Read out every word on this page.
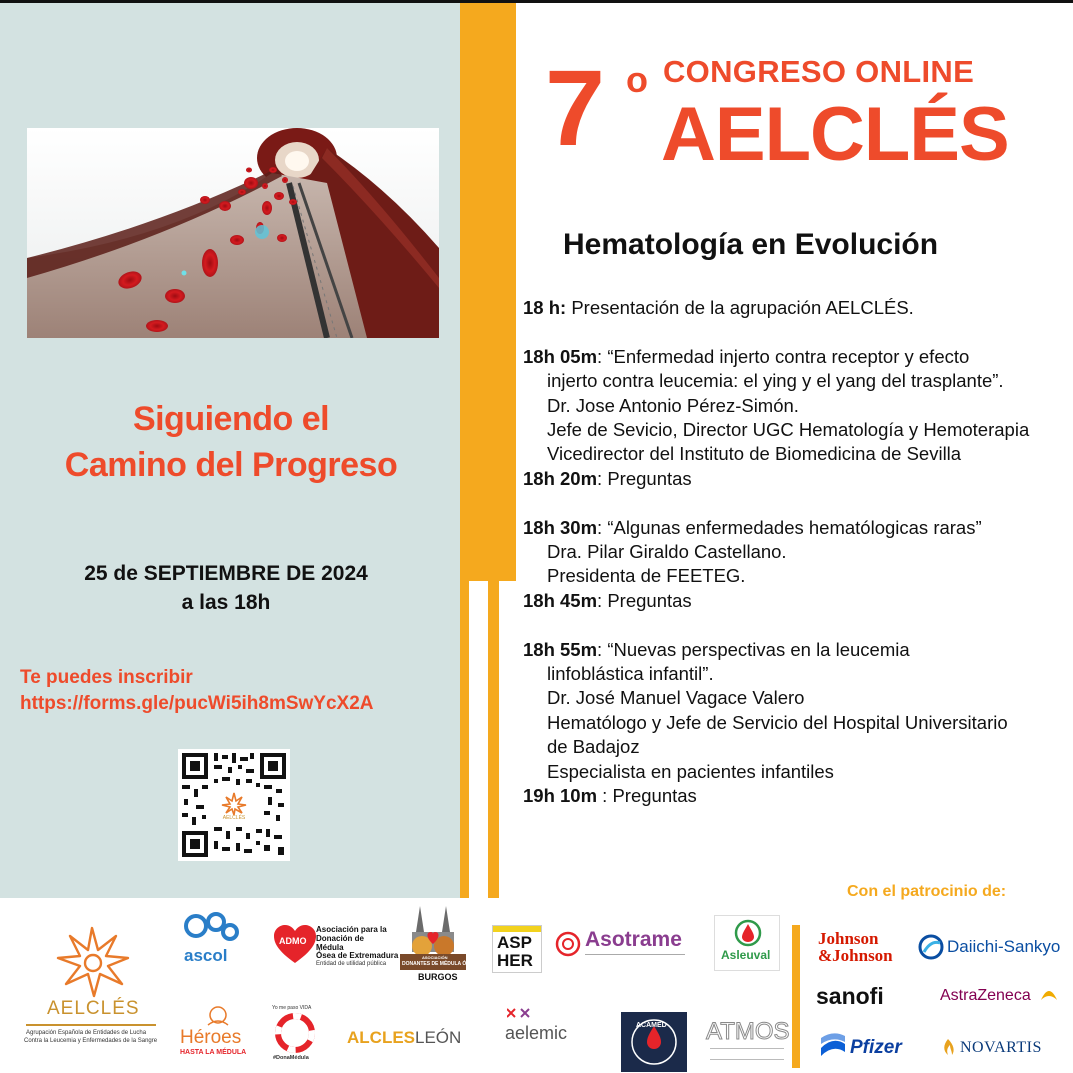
Siguiendo el
Camino del Progreso
25 de SEPTIEMBRE DE 2024
a las 18h
Te puedes inscribir
https://forms.gle/pucWi5ih8mSwYcX2A
AELCLÉS
7 o CONGRESO ONLINE
AELCLÉS
Hematología en Evolución
18 h: Presentación de la agrupación AELCLÉS.
18h 05m: “Enfermedad injerto contra receptor y efecto
injerto contra leucemia: el ying y el yang del trasplante”.
Dr. Jose Antonio Pérez-Simón.
Jefe de Sevicio, Director UGC Hematología y Hemoterapia
Vicedirector del Instituto de Biomedicina de Sevilla
18h 20m: Preguntas
18h 30m: “Algunas enfermedades hematólogicas raras”
Dra. Pilar Giraldo Castellano.
Presidenta de FEETEG.
18h 45m: Preguntas
18h 55m: “Nuevas perspectivas en la leucemia
linfoblástica infantil”.
Dr. José Manuel Vagace Valero
Hematólogo y Jefe de Servicio del Hospital Universitario
de Badajoz
Especialista en pacientes infantiles
19h 10m : Preguntas
Con el patrocinio de:
AELCLÉS
Agrupación Española de Entidades de Lucha
Contra la Leucemia y Enfermedades de la Sangre
ascol
ADMO
Asociación para la
Donación de
Médula
Ósea de Extremadura
Entidad de utilidad pública
ASOCIACIÓN
DONANTES DE MÉDULA ÓSEA
BURGOS
ASP
HER
Asotrame
Asleuval
Héroes
HASTA LA MÉDULA
Yo me paso VIDA
#DonaMédula
ALCLESLEÓN	aelemic	ACAMED ATMOS
Johnson
&Johnson	Daiichi-Sankyo
sanofi	AstraZeneca
Pfizer	NOVARTIS
